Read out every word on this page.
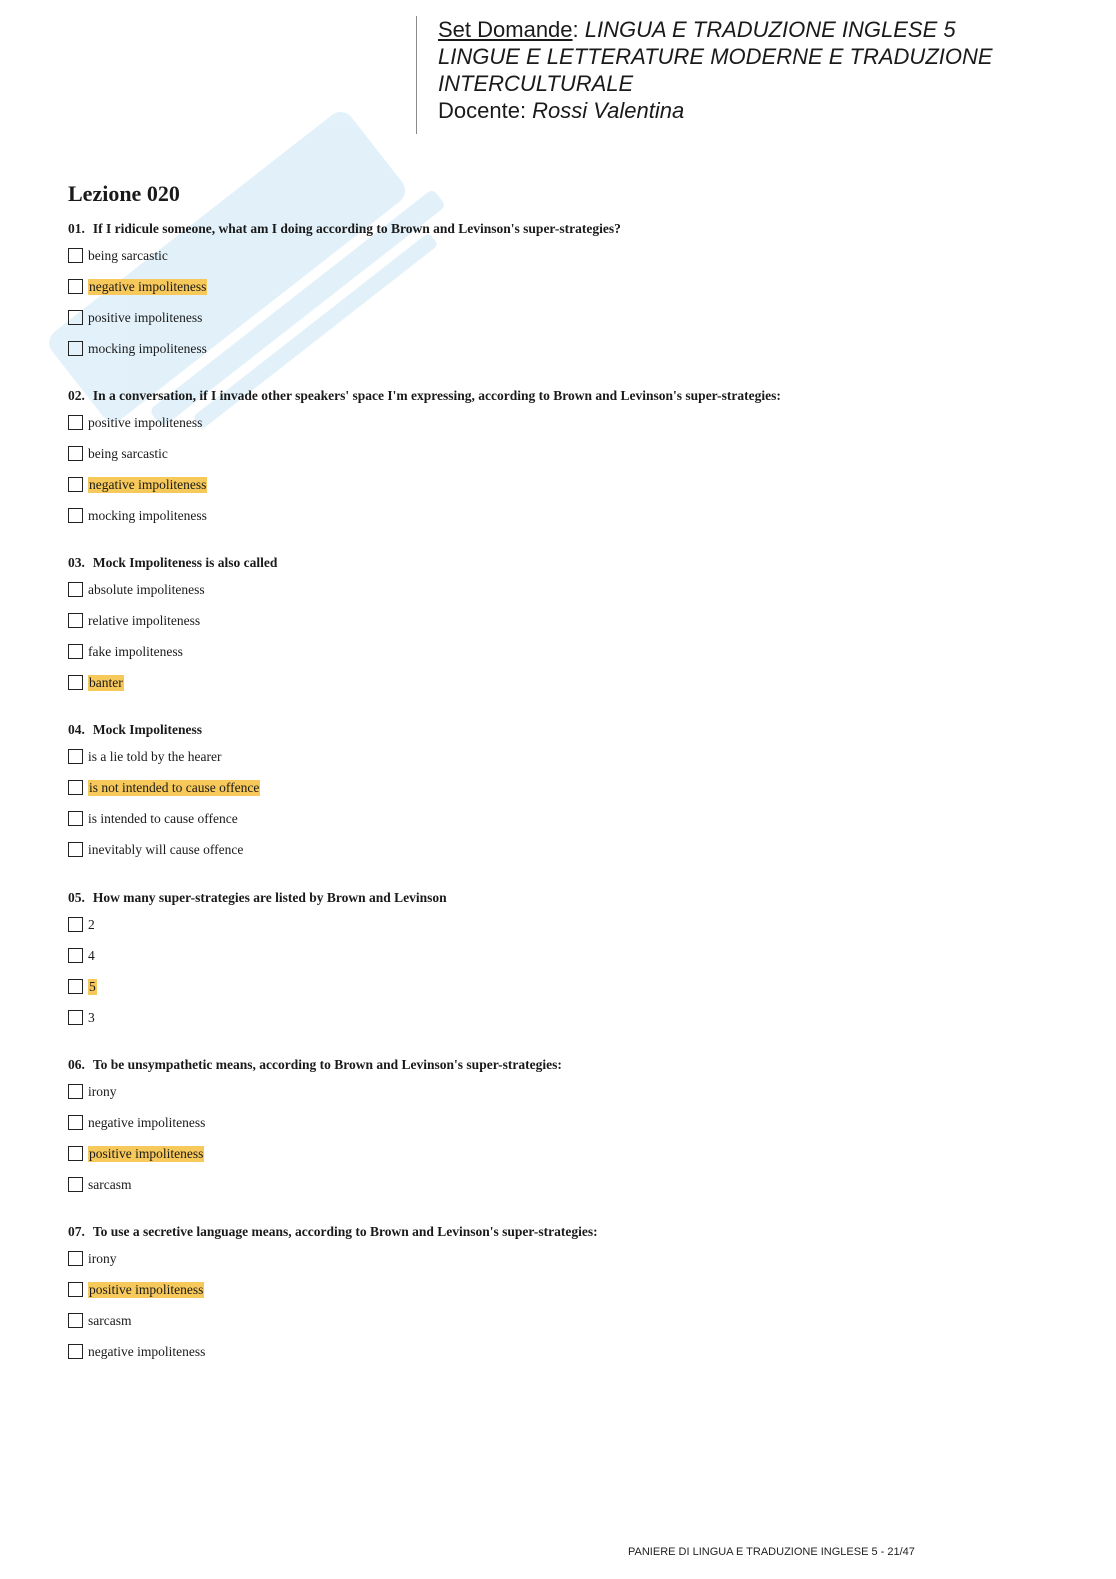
Set Domande: LINGUA E TRADUZIONE INGLESE 5
LINGUE E LETTERATURE MODERNE E TRADUZIONE
INTERCULTURALE
Docente: Rossi Valentina
Lezione 020
01. If I ridicule someone, what am I doing according to Brown and Levinson's super-strategies?
being sarcastic
negative impoliteness
positive impoliteness
mocking impoliteness
02. In a conversation, if I invade other speakers' space I'm expressing, according to Brown and Levinson's super-strategies:
positive impoliteness
being sarcastic
negative impoliteness
mocking impoliteness
03. Mock Impoliteness is also called
absolute impoliteness
relative impoliteness
fake impoliteness
banter
04. Mock Impoliteness
is a lie told by the hearer
is not intended to cause offence
is intended to cause offence
inevitably will cause offence
05. How many super-strategies are listed by Brown and Levinson
2
4
5
3
06. To be unsympathetic means, according to Brown and Levinson's super-strategies:
irony
negative impoliteness
positive impoliteness
sarcasm
07. To use a secretive language means, according to Brown and Levinson's super-strategies:
irony
positive impoliteness
sarcasm
negative impoliteness
PANIERE DI LINGUA E TRADUZIONE INGLESE 5 - 21/47
